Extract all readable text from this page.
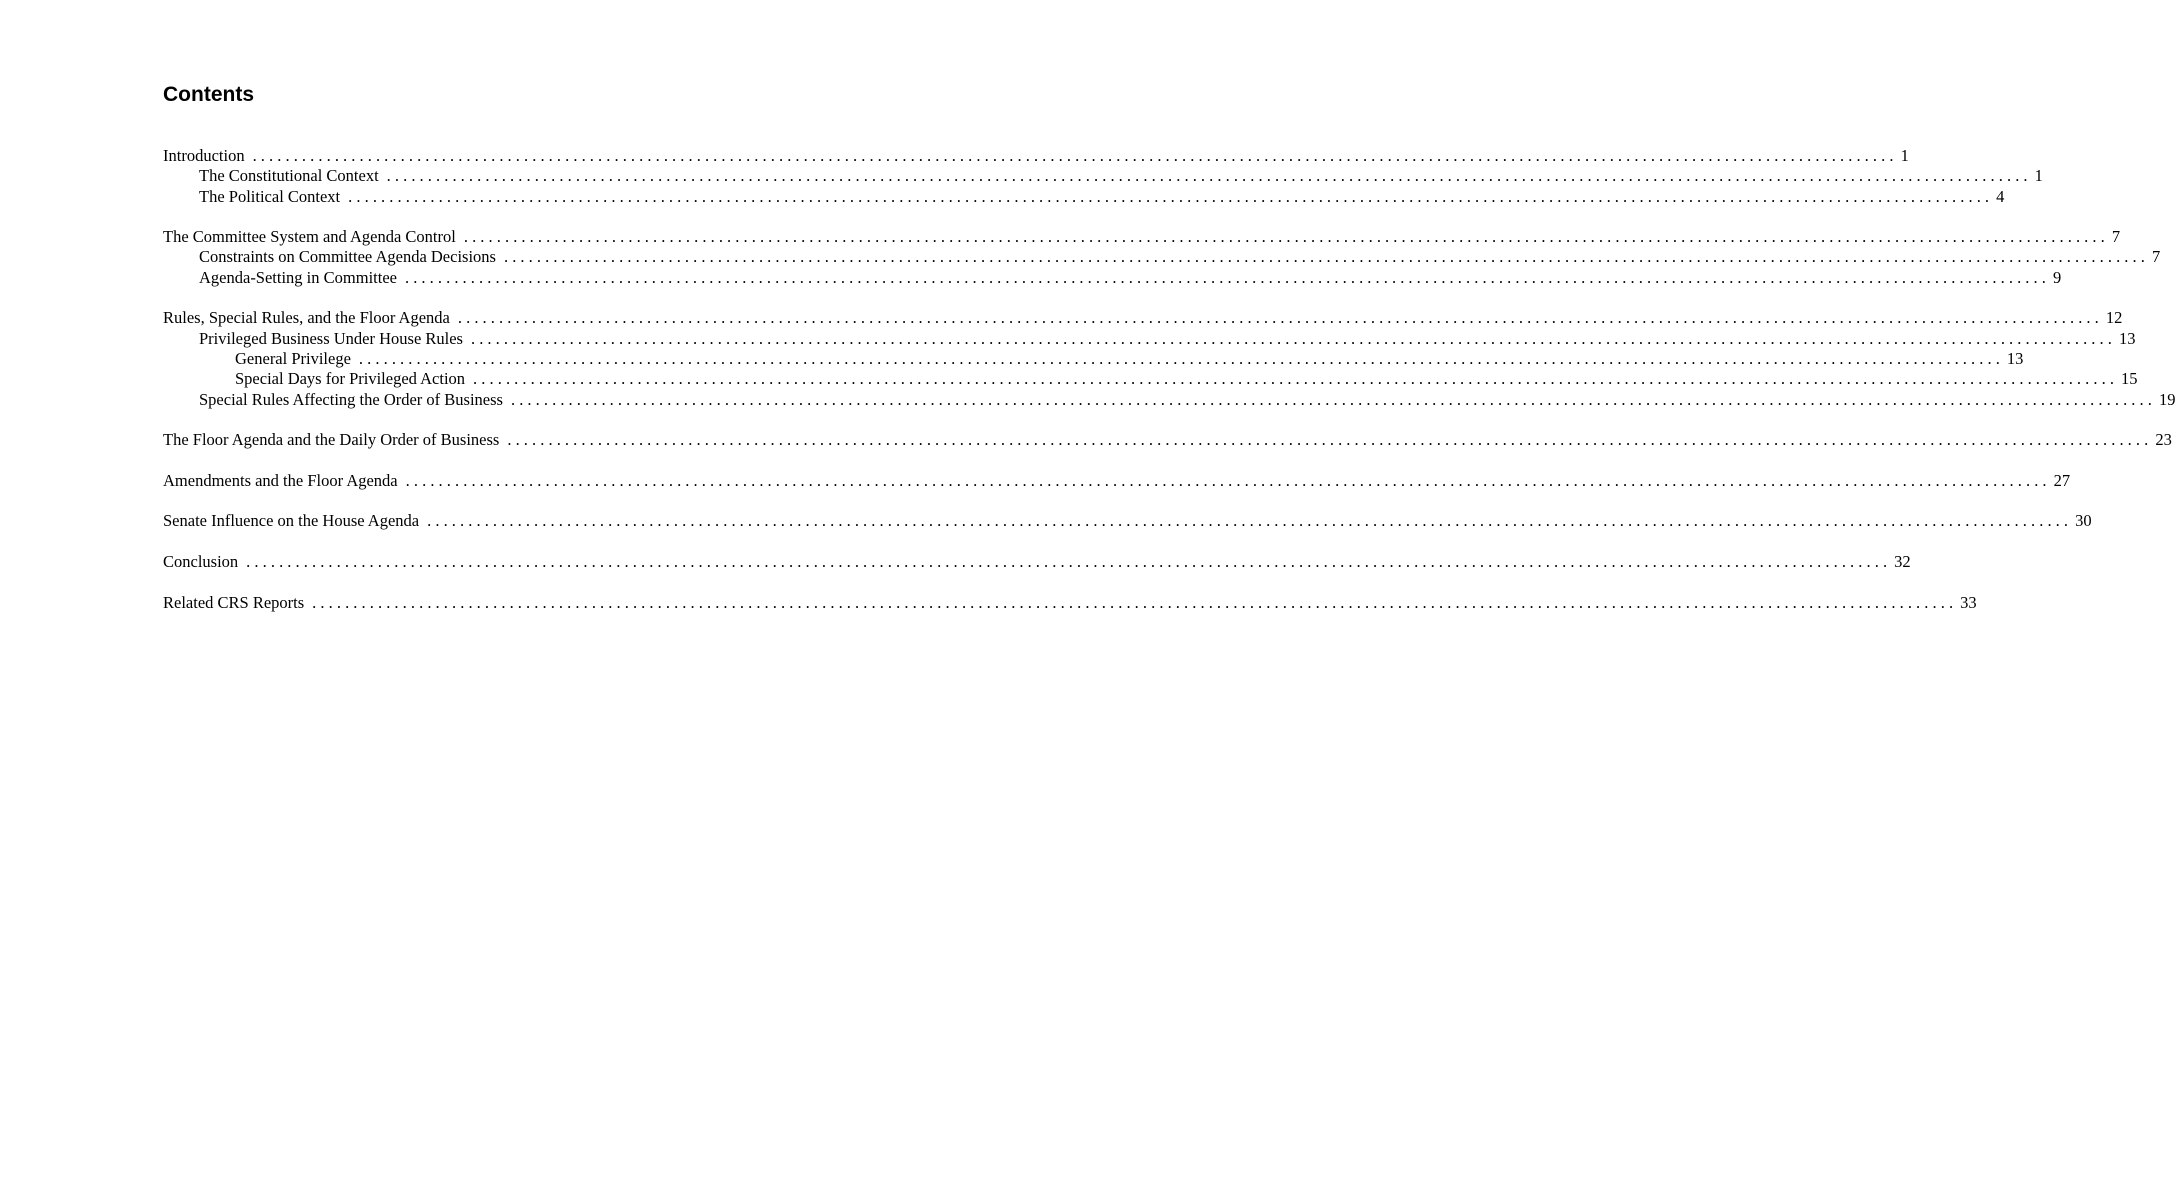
Contents
Introduction ........................................................................................................................................................................................................ 1
The Constitutional Context ........................................................................................................................................................................................................ 1
The Political Context ........................................................................................................................................................................................................ 4
The Committee System and Agenda Control ........................................................................................................................................................................................................ 7
Constraints on Committee Agenda Decisions ........................................................................................................................................................................................................ 7
Agenda-Setting in Committee ........................................................................................................................................................................................................ 9
Rules, Special Rules, and the Floor Agenda ........................................................................................................................................................................................................ 12
Privileged Business Under House Rules ........................................................................................................................................................................................................ 13
General Privilege ........................................................................................................................................................................................................ 13
Special Days for Privileged Action ........................................................................................................................................................................................................ 15
Special Rules Affecting the Order of Business ........................................................................................................................................................................................................ 19
The Floor Agenda and the Daily Order of Business ........................................................................................................................................................................................................ 23
Amendments and the Floor Agenda ........................................................................................................................................................................................................ 27
Senate Influence on the House Agenda ........................................................................................................................................................................................................ 30
Conclusion ........................................................................................................................................................................................................ 32
Related CRS Reports ........................................................................................................................................................................................................ 33
